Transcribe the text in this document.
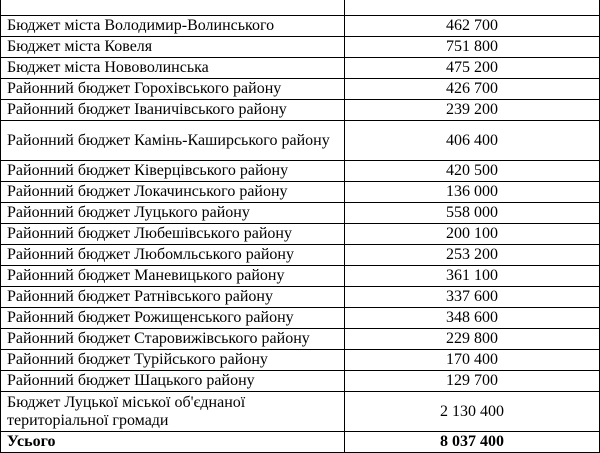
Бюджет міста Володимир-Волинського	462 700
Бюджет міста Ковеля	751 800
Бюджет міста Нововолинська	475 200
Районний бюджет Горохівського району	426 700
Районний бюджет Іваничівського району	239 200
Районний бюджет Камінь-Каширського району	406 400
Районний бюджет Ківерцівського району	420 500
Районний бюджет Локачинського району	136 000
Районний бюджет Луцького району	558 000
Районний бюджет Любешівського району	200 100
Районний бюджет Любомльського району	253 200
Районний бюджет Маневицького району	361 100
Районний бюджет Ратнівського району	337 600
Районний бюджет Рожищенського району	348 600
Районний бюджет Старовижівського району	229 800
Районний бюджет Турійського району	170 400
Районний бюджет Шацького району	129 700
Бюджет Луцької міської об'єднаної територіальної громади	2 130 400
Усього	8 037 400
